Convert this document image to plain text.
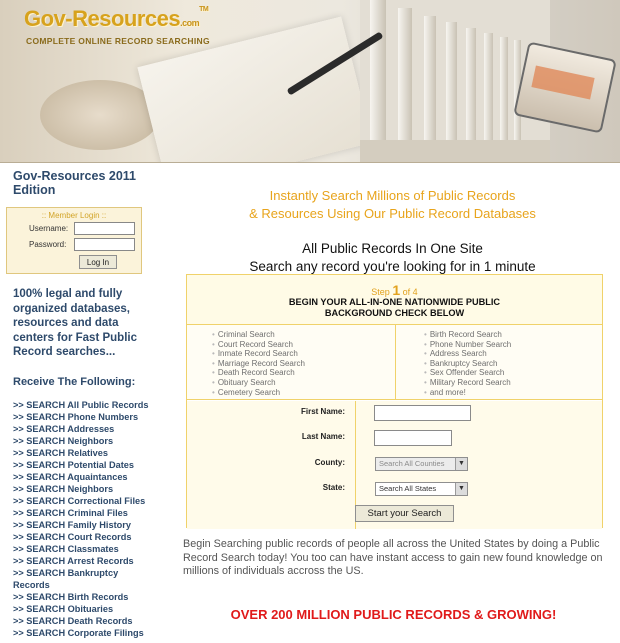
Gov-Resources.com™
COMPLETE ONLINE RECORD SEARCHING
Gov-Resources 2011 Edition
:: Member Login ::
Username:
Password:
Log In
100% legal and fully organized databases, resources and data centers for Fast Public Record searches...
Receive The Following:
>> SEARCH All Public Records
>> SEARCH Phone Numbers
>> SEARCH Addresses
>> SEARCH Neighbors
>> SEARCH Relatives
>> SEARCH Potential Dates
>> SEARCH Aquaintances
>> SEARCH Neighbors
>> SEARCH Correctional Files
>> SEARCH Criminal Files
>> SEARCH Family History
>> SEARCH Court Records
>> SEARCH Classmates
>> SEARCH Arrest Records
>> SEARCH Bankruptcy Records
>> SEARCH Birth Records
>> SEARCH Obituaries
>> SEARCH Death Records
>> SEARCH Corporate Filings
Instantly Search Millions of Public Records
& Resources Using Our Public Record Databases
All Public Records In One Site
Search any record you're looking for in 1 minute
Step 1 of 4
BEGIN YOUR ALL-IN-ONE NATIONWIDE PUBLIC
BACKGROUND CHECK BELOW
• Criminal Search
• Court Record Search
• Inmate Record Search
• Marriage Record Search
• Death Record Search
• Obituary Search
• Cemetery Search
• Birth Record Search
• Phone Number Search
• Address Search
• Bankruptcy Search
• Sex Offender Search
• Military Record Search
• and more!
First Name:
Last Name:
County:	Search All Counties	▼
State:	Search All States	▼
Start your Search
Begin Searching public records of people all across the United States by doing a Public Record Search today! You too can have instant access to gain new found knowledge on millions of individuals accross the US.
OVER 200 MILLION PUBLIC RECORDS & GROWING!
